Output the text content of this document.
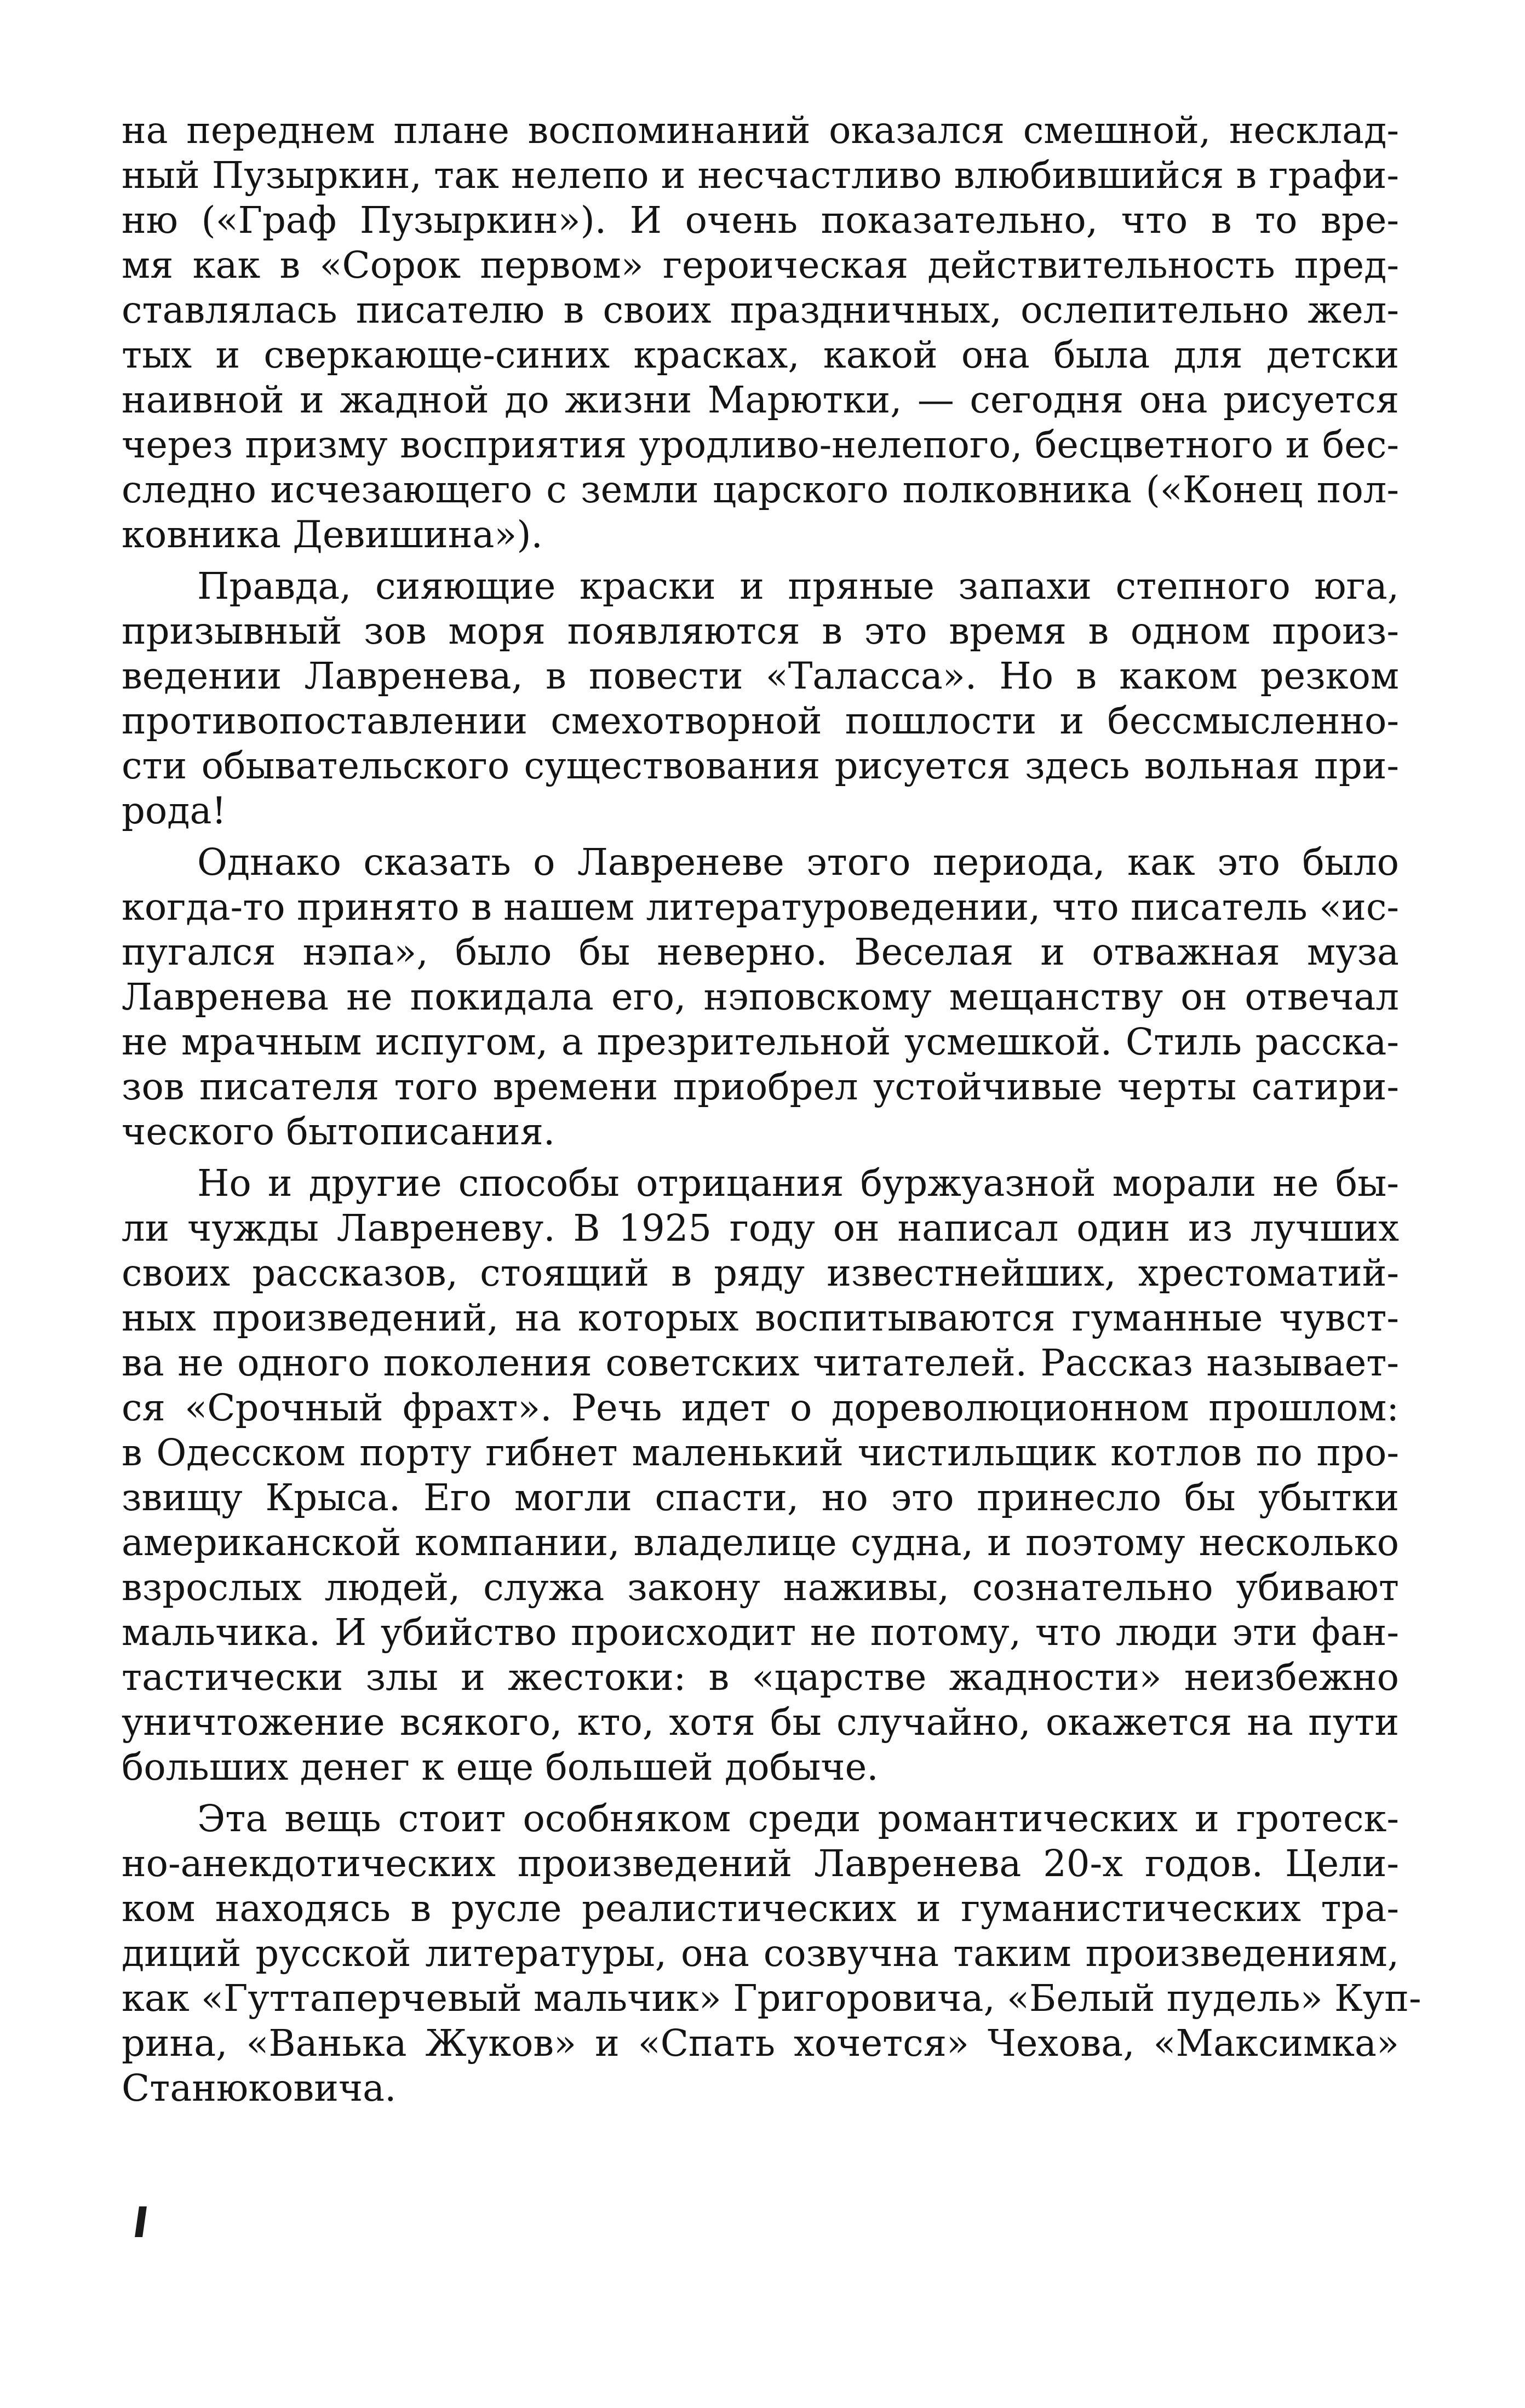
на переднем плане воспоминаний оказался смешной, несклад-
ный Пузыркин, так нелепо и несчастливо влюбившийся в графи-
ню («Граф Пузыркин»). И очень показательно, что в то вре-
мя как в «Сорок первом» героическая действительность пред-
ставлялась писателю в своих праздничных, ослепительно жел-
тых и сверкающе-синих красках, какой она была для детски
наивной и жадной до жизни Марютки, — сегодня она рисуется
через призму восприятия уродливо-нелепого, бесцветного и бес-
следно исчезающего с земли царского полковника («Конец пол-
ковника Девишина»).
Правда, сияющие краски и пряные запахи степного юга,
призывный зов моря появляются в это время в одном произ-
ведении Лавренева, в повести «Таласса». Но в каком резком
противопоставлении смехотворной пошлости и бессмысленно-
сти обывательского существования рисуется здесь вольная при-
рода!
Однако сказать о Лавреневе этого периода, как это было
когда-то принято в нашем литературоведении, что писатель «ис-
пугался нэпа», было бы неверно. Веселая и отважная муза
Лавренева не покидала его, нэповскому мещанству он отвечал
не мрачным испугом, а презрительной усмешкой. Стиль расска-
зов писателя того времени приобрел устойчивые черты сатири-
ческого бытописания.
Но и другие способы отрицания буржуазной морали не бы-
ли чужды Лавреневу. В 1925 году он написал один из лучших
своих рассказов, стоящий в ряду известнейших, хрестоматий-
ных произведений, на которых воспитываются гуманные чувст-
ва не одного поколения советских читателей. Рассказ называет-
ся «Срочный фрахт». Речь идет о дореволюционном прошлом:
в Одесском порту гибнет маленький чистильщик котлов по про-
звищу Крыса. Его могли спасти, но это принесло бы убытки
американской компании, владелице судна, и поэтому несколько
взрослых людей, служа закону наживы, сознательно убивают
мальчика. И убийство происходит не потому, что люди эти фан-
тастически злы и жестоки: в «царстве жадности» неизбежно
уничтожение всякого, кто, хотя бы случайно, окажется на пути
больших денег к еще большей добыче.
Эта вещь стоит особняком среди романтических и гротеск-
но-анекдотических произведений Лавренева 20-х годов. Цели-
ком находясь в русле реалистических и гуманистических тра-
диций русской литературы, она созвучна таким произведениям,
как «Гуттаперчевый мальчик» Григоровича, «Белый пудель» Куп-
рина, «Ванька Жуков» и «Спать хочется» Чехова, «Максимка»
Станюковича.
